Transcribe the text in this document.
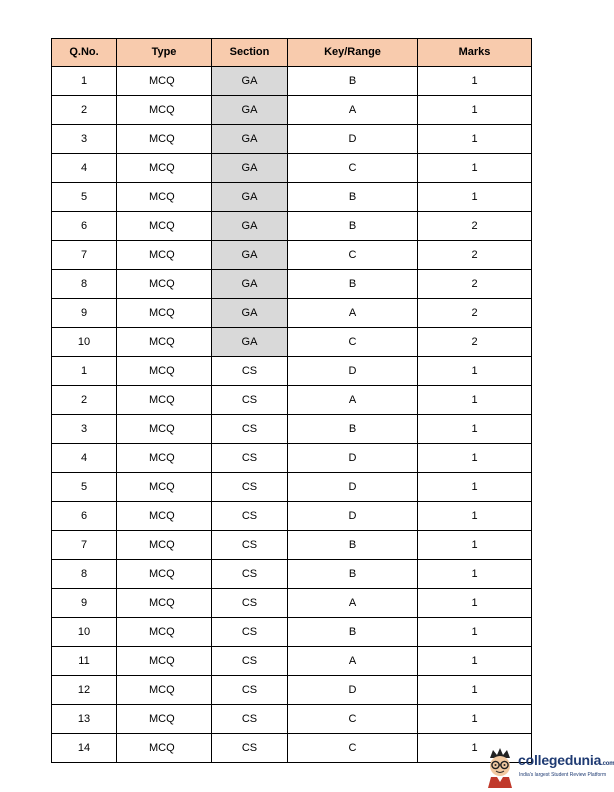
Q.No.	Type	Section	Key/Range	Marks
1	MCQ	GA	B	1
2	MCQ	GA	A	1
3	MCQ	GA	D	1
4	MCQ	GA	C	1
5	MCQ	GA	B	1
6	MCQ	GA	B	2
7	MCQ	GA	C	2
8	MCQ	GA	B	2
9	MCQ	GA	A	2
10	MCQ	GA	C	2
1	MCQ	CS	D	1
2	MCQ	CS	A	1
3	MCQ	CS	B	1
4	MCQ	CS	D	1
5	MCQ	CS	D	1
6	MCQ	CS	D	1
7	MCQ	CS	B	1
8	MCQ	CS	B	1
9	MCQ	CS	A	1
10	MCQ	CS	B	1
11	MCQ	CS	A	1
12	MCQ	CS	D	1
13	MCQ	CS	C	1
14	MCQ	CS	C	1
collegedunia.com
India's largest Student Review Platform
